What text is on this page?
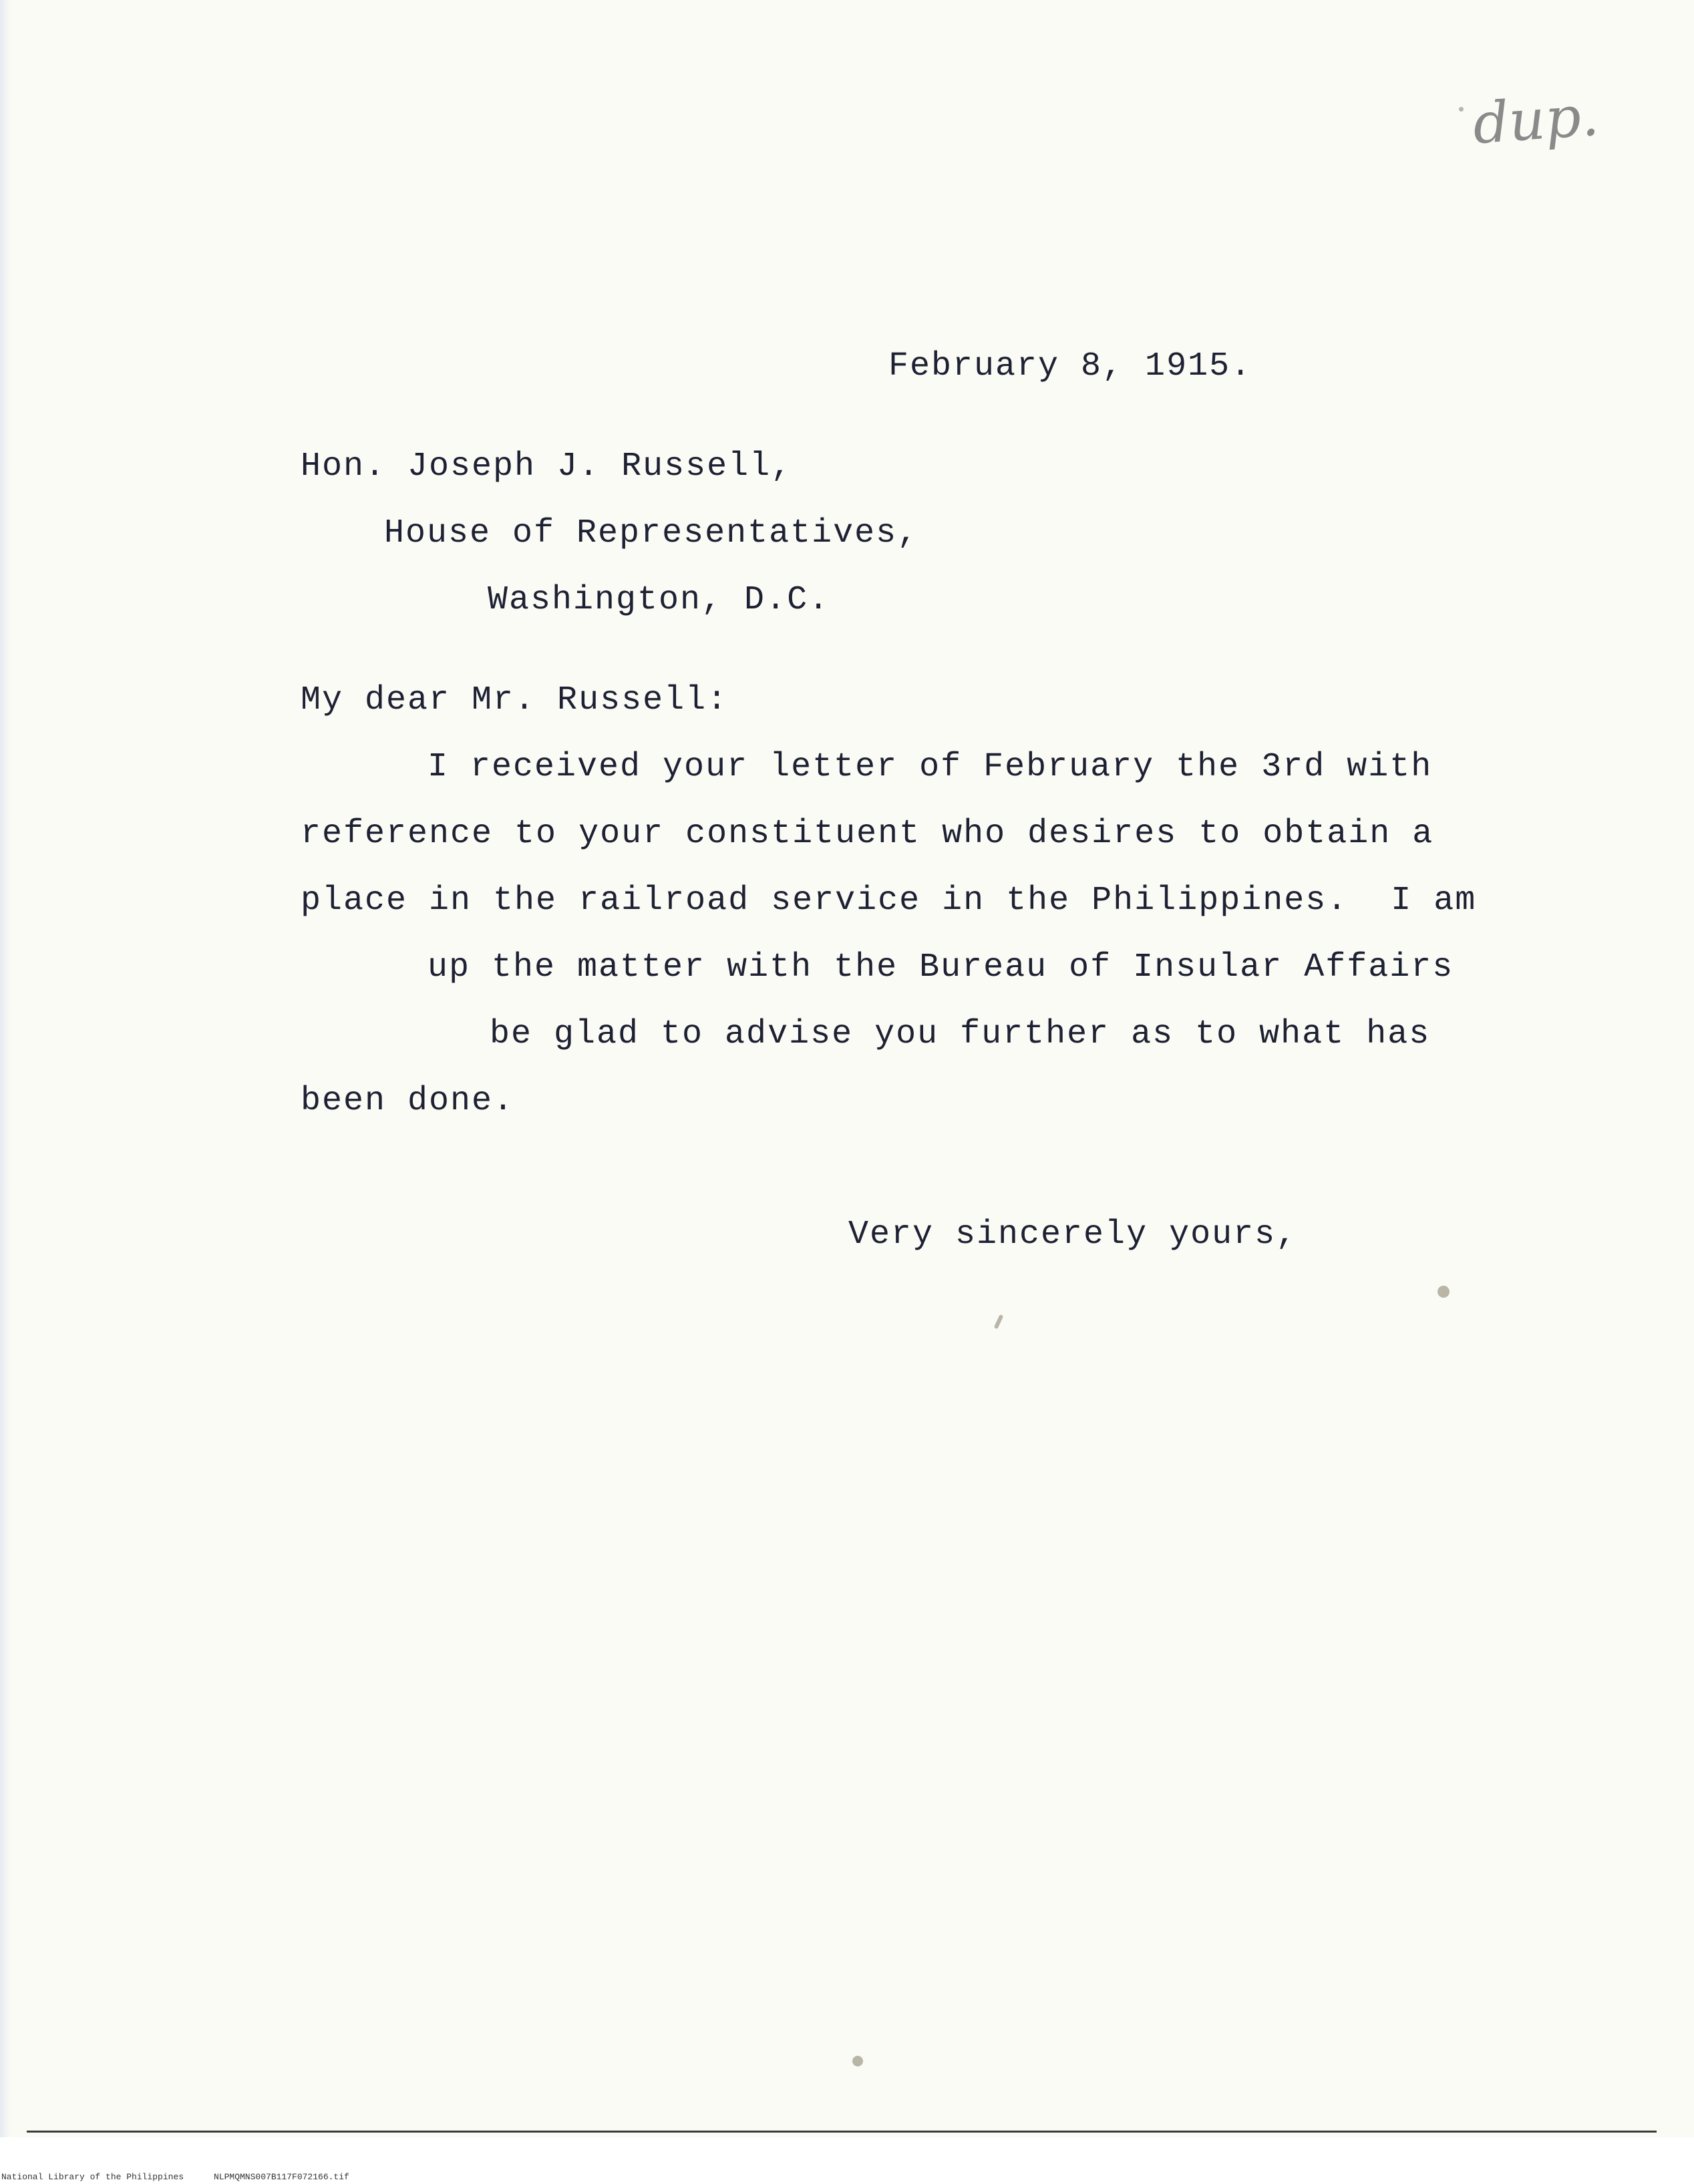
dup.
February 8, 1915.
Hon. Joseph J. Russell,
House of Representatives,
Washington, D.C.
My dear Mr. Russell:
I received your letter of February the 3rd with
reference to your constituent who desires to obtain a
place in the railroad service in the Philippines.  I am
up the matter with the Bureau of Insular Affairs
be glad to advise you further as to what has
been done.
Very sincerely yours,
National Library of the Philippines	NLPMQMNS007B117F072166.tif
